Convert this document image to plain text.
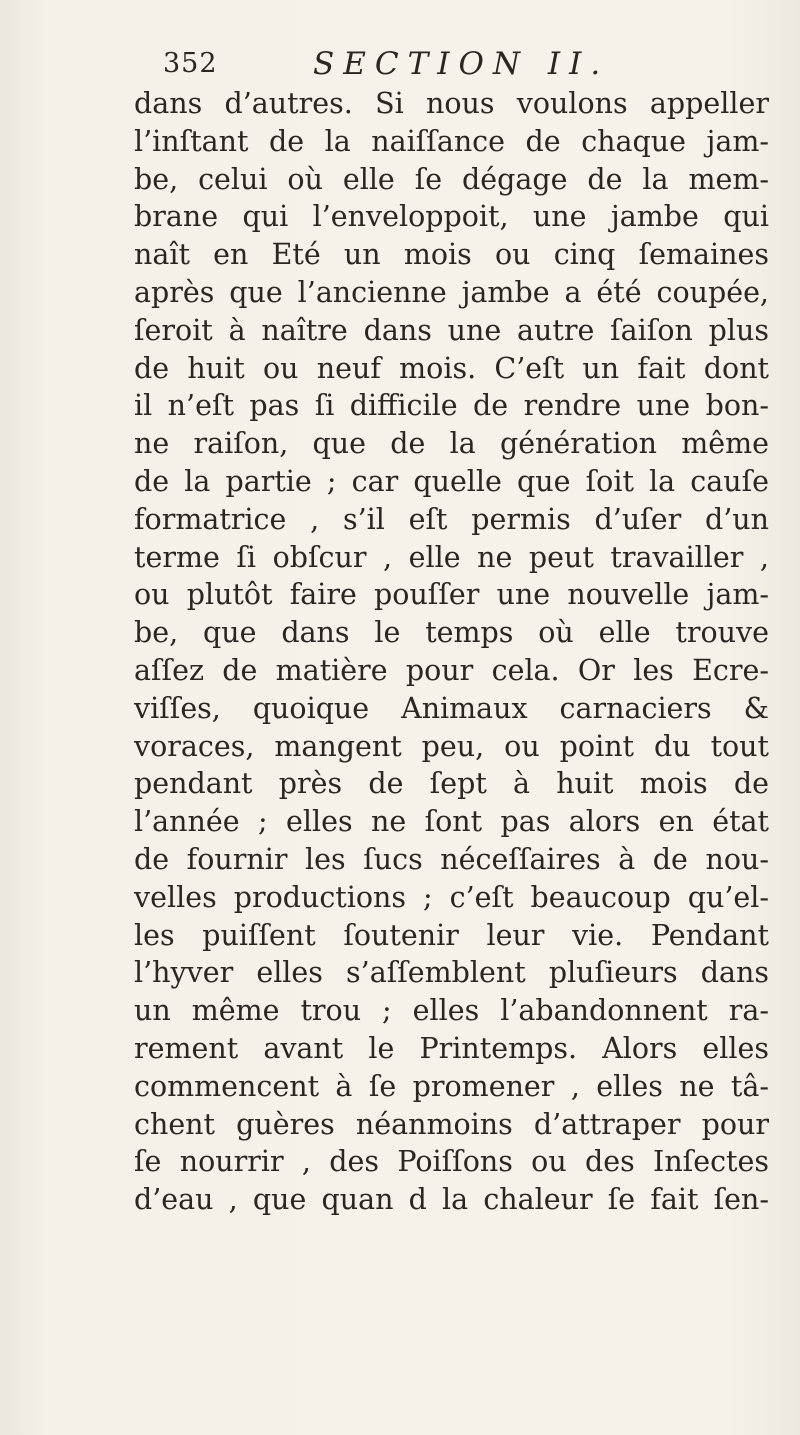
352	SECTION II.
dans d’autres. Si nous voulons appeller
l’inſtant de la naiſſance de chaque jam-
be, celui où elle ſe dégage de la mem-
brane qui l’enveloppoit, une jambe qui
naît en Eté un mois ou cinq ſemaines
après que l’ancienne jambe a été coupée,
ſeroit à naître dans une autre ſaiſon plus
de huit ou neuf mois. C’eſt un fait dont
il n’eſt pas ſi difficile de rendre une bon-
ne raiſon, que de la génération même
de la partie ; car quelle que ſoit la cauſe
formatrice , s’il eſt permis d’uſer d’un
terme ſi obſcur , elle ne peut travailler ,
ou plutôt faire pouſſer une nouvelle jam-
be, que dans le temps où elle trouve
aſſez de matière pour cela. Or les Ecre-
viſſes, quoique Animaux carnaciers &
voraces, mangent peu, ou point du tout
pendant près de ſept à huit mois de
l’année ; elles ne ſont pas alors en état
de fournir les ſucs néceſſaires à de nou-
velles productions ; c’eſt beaucoup qu’el-
les puiſſent ſoutenir leur vie. Pendant
l’hyver elles s’aſſemblent pluſieurs dans
un même trou ; elles l’abandonnent ra-
rement avant le Printemps. Alors elles
commencent à ſe promener , elles ne tâ-
chent guères néanmoins d’attraper pour
ſe nourrir , des Poiſſons ou des Inſectes
d’eau , que quan d la chaleur ſe fait ſen-
